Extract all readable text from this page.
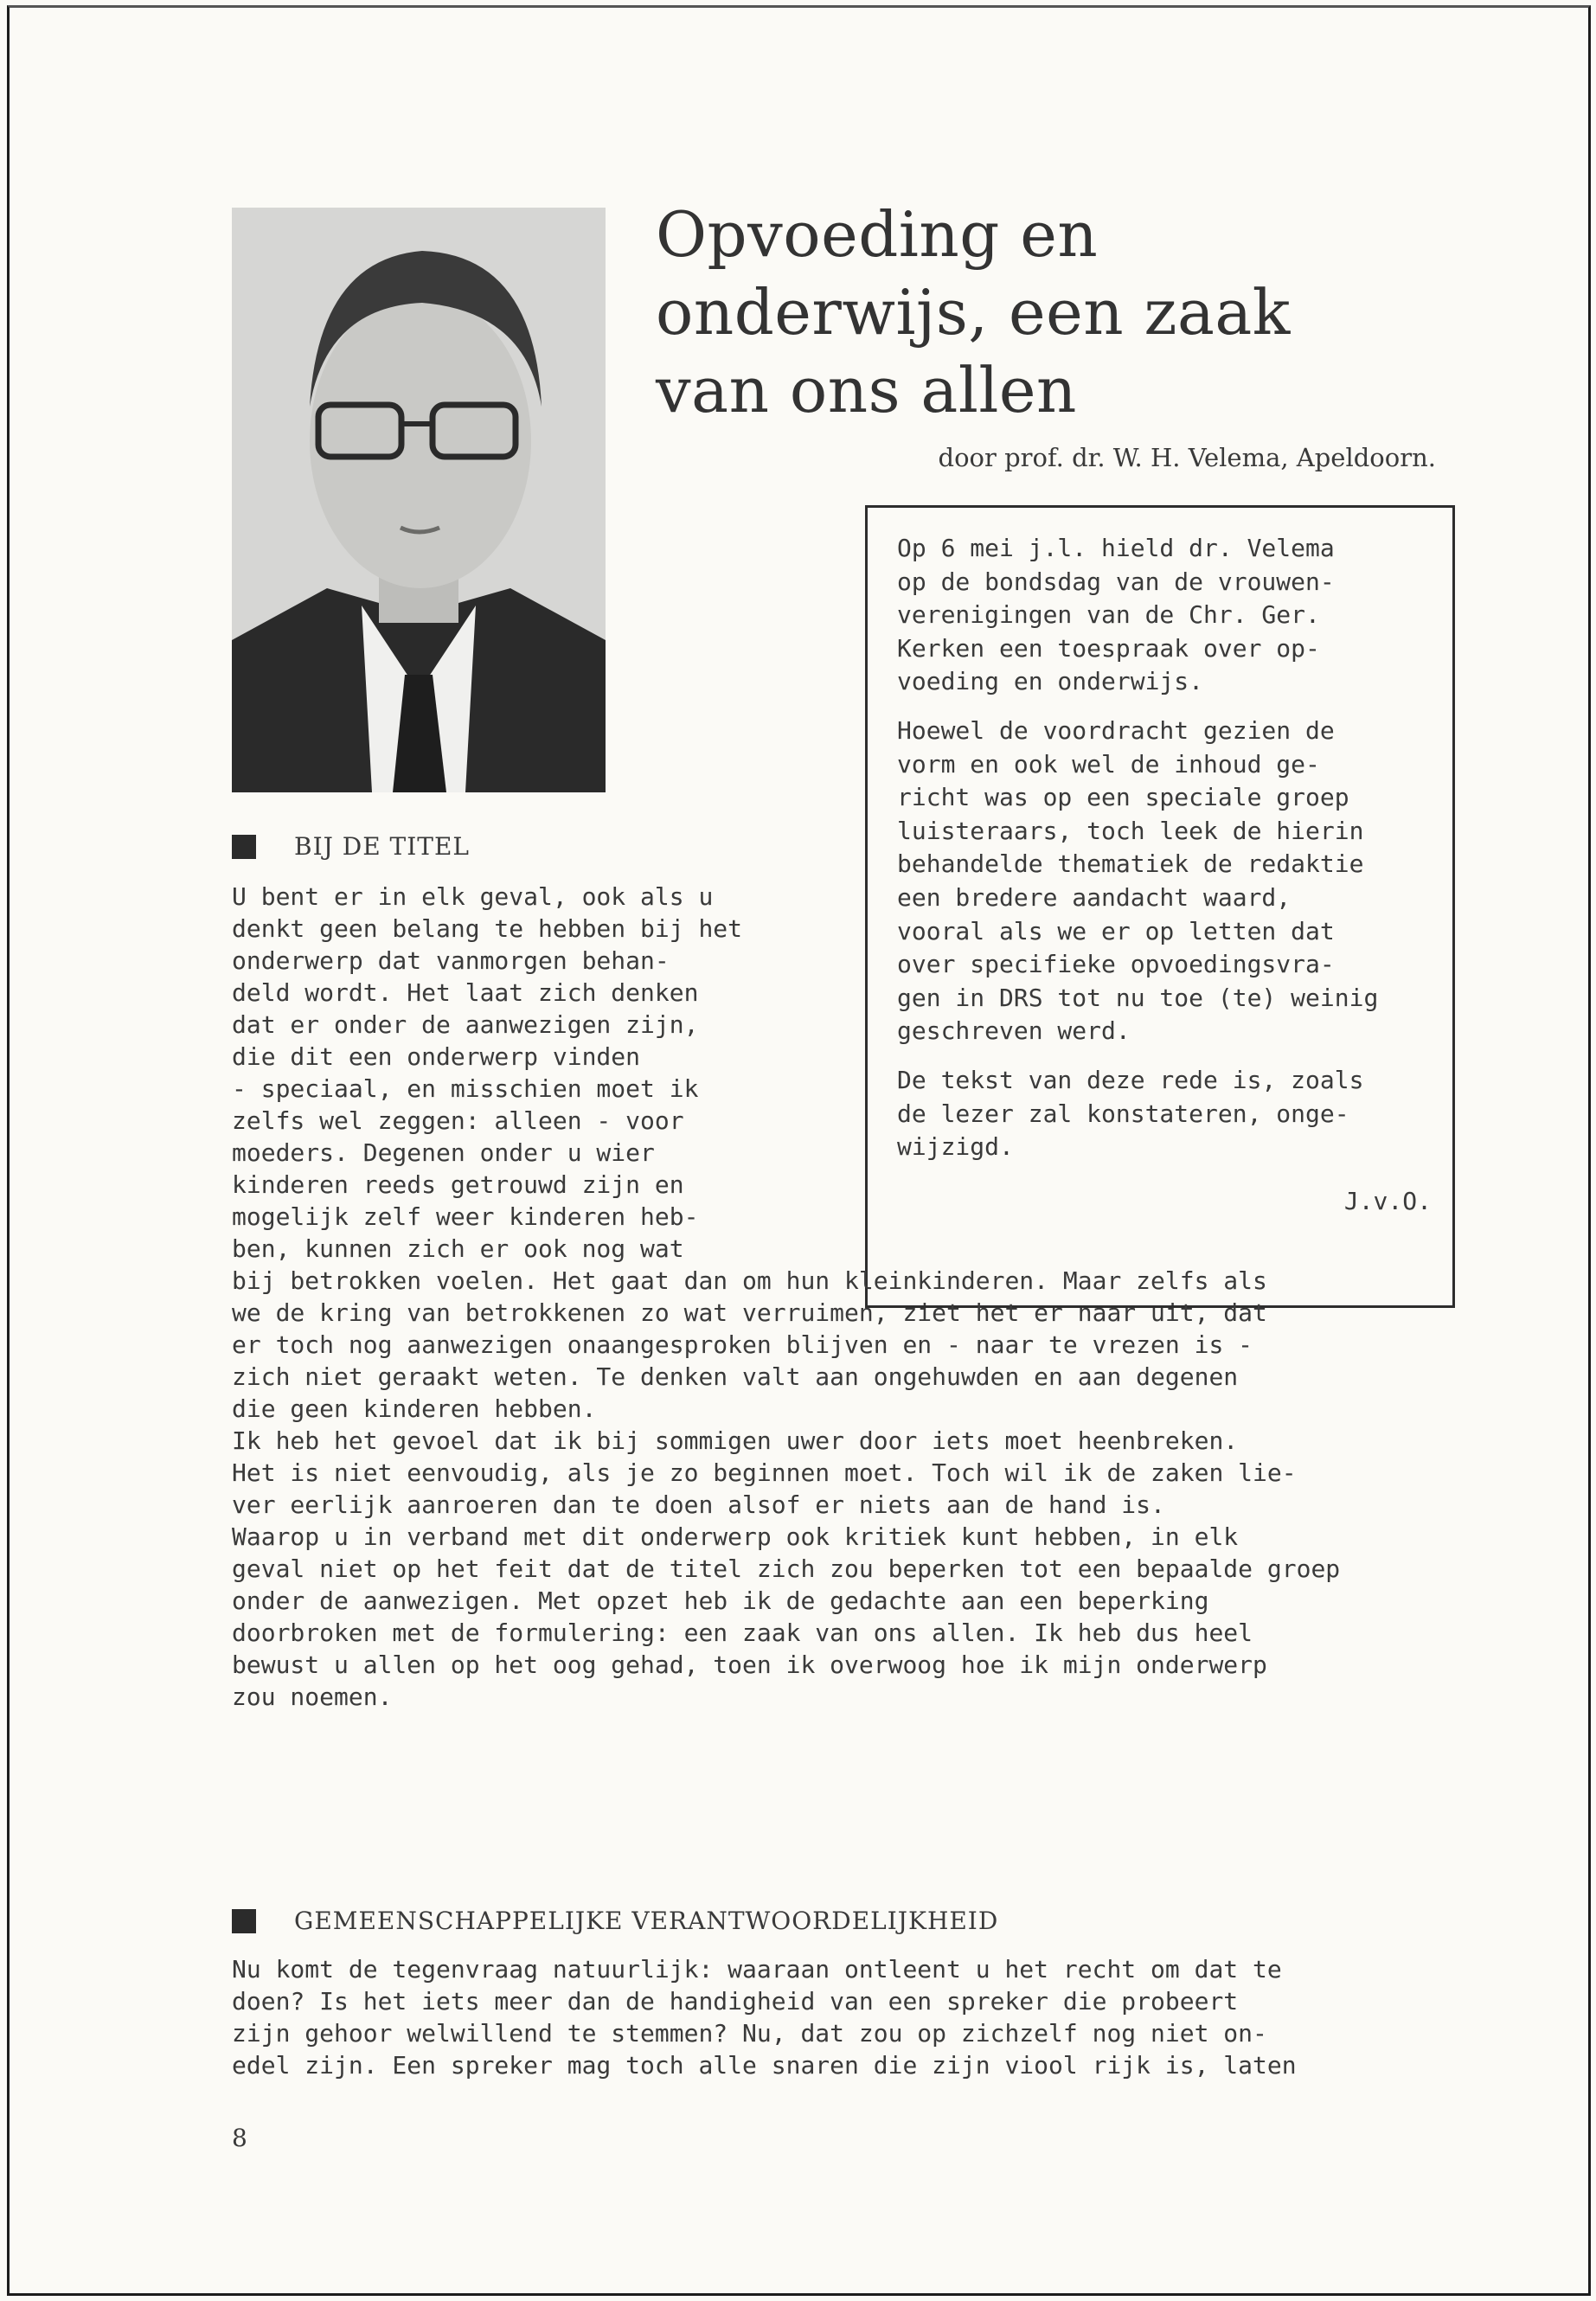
Opvoeding en
onderwijs, een zaak
van ons allen
door prof. dr. W. H. Velema, Apeldoorn.

Op 6 mei j.l. hield dr. Velema
op de bondsdag van de vrouwen-
verenigingen van de Chr. Ger.
Kerken een toespraak over op-
voeding en onderwijs.

Hoewel de voordracht gezien de
vorm en ook wel de inhoud ge-
richt was op een speciale groep
luisteraars, toch leek de hierin
behandelde thematiek de redaktie
een bredere aandacht waard,
vooral als we er op letten dat
over specifieke opvoedingsvra-
gen in DRS tot nu toe (te) weinig
geschreven werd.

De tekst van deze rede is, zoals
de lezer zal konstateren, onge-
wijzigd.

J.v.O.
BIJ DE TITEL

U bent er in elk geval, ook als u
denkt geen belang te hebben bij het
onderwerp dat vanmorgen behan-
deld wordt. Het laat zich denken
dat er onder de aanwezigen zijn,
die dit een onderwerp vinden
- speciaal, en misschien moet ik
zelfs wel zeggen: alleen - voor
moeders. Degenen onder u wier
kinderen reeds getrouwd zijn en
mogelijk zelf weer kinderen heb-
ben, kunnen zich er ook nog wat

bij betrokken voelen. Het gaat dan om hun kleinkinderen. Maar zelfs als
we de kring van betrokkenen zo wat verruimen, ziet het er naar uit, dat
er toch nog aanwezigen onaangesproken blijven en - naar te vrezen is -
zich niet geraakt weten. Te denken valt aan ongehuwden en aan degenen
die geen kinderen hebben.
Ik heb het gevoel dat ik bij sommigen uwer door iets moet heenbreken.
Het is niet eenvoudig, als je zo beginnen moet. Toch wil ik de zaken lie-
ver eerlijk aanroeren dan te doen alsof er niets aan de hand is.
Waarop u in verband met dit onderwerp ook kritiek kunt hebben, in elk
geval niet op het feit dat de titel zich zou beperken tot een bepaalde groep
onder de aanwezigen. Met opzet heb ik de gedachte aan een beperking
doorbroken met de formulering: een zaak van ons allen. Ik heb dus heel
bewust u allen op het oog gehad, toen ik overwoog hoe ik mijn onderwerp
zou noemen.

GEMEENSCHAPPELIJKE VERANTWOORDELIJKHEID

Nu komt de tegenvraag natuurlijk: waaraan ontleent u het recht om dat te
doen? Is het iets meer dan de handigheid van een spreker die probeert
zijn gehoor welwillend te stemmen? Nu, dat zou op zichzelf nog niet on-
edel zijn. Een spreker mag toch alle snaren die zijn viool rijk is, laten

8
